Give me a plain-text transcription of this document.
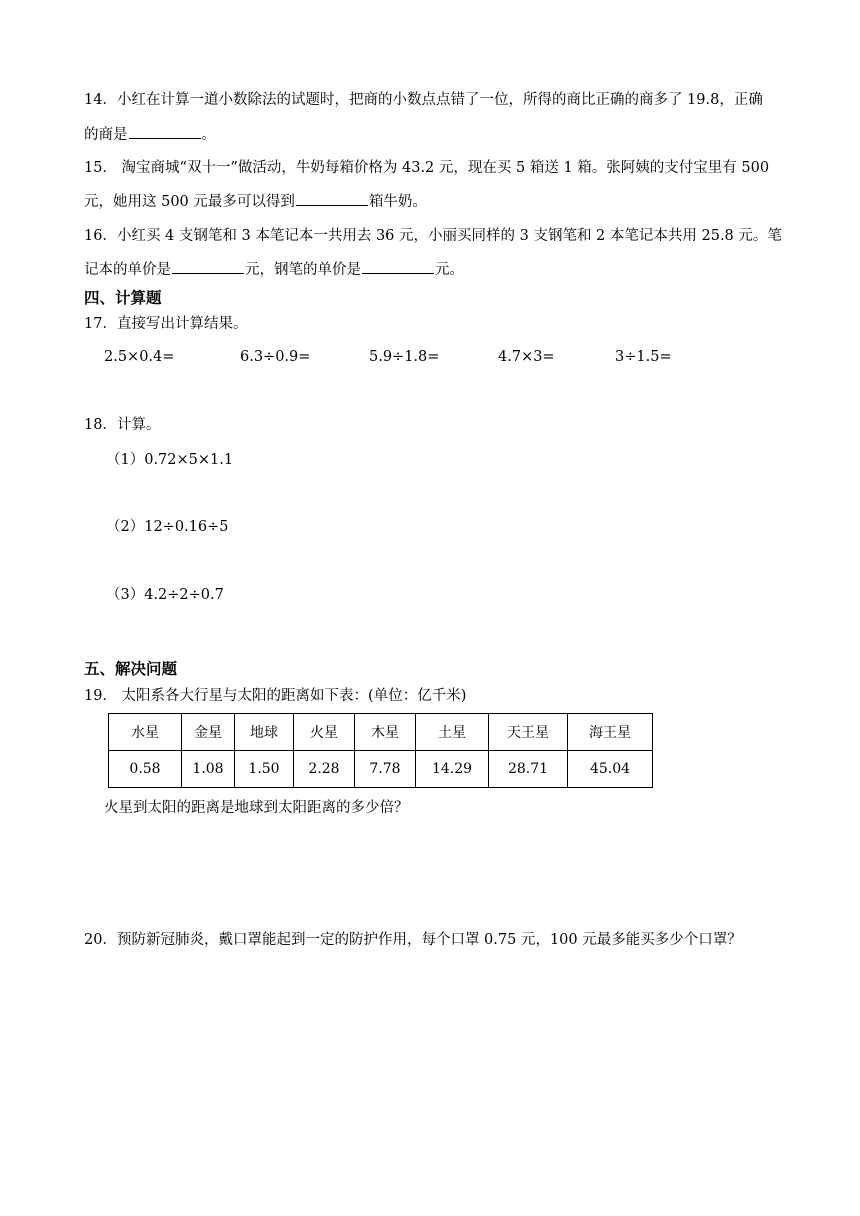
14．小红在计算一道小数除法的试题时，把商的小数点点错了一位，所得的商比正确的商多了 19.8，正确
的商是	。
15． 淘宝商城“双十一”做活动，牛奶每箱价格为 43.2 元，现在买 5 箱送 1 箱。张阿姨的支付宝里有 500
元，她用这 500 元最多可以得到	箱牛奶。
16．小红买 4 支钢笔和 3 本笔记本一共用去 36 元，小丽买同样的 3 支钢笔和 2 本笔记本共用 25.8 元。笔
记本的单价是	元，钢笔的单价是	元。
四、计算题
17．直接写出计算结果。
2.5×0.4=	6.3÷0.9=	5.9÷1.8=	4.7×3=	3÷1.5=
18．计算。
（1）0.72×5×1.1
（2）12÷0.16÷5
（3）4.2÷2÷0.7
五、解决问题
19． 太阳系各大行星与太阳的距离如下表：(单位：亿千米)
水星	金星	地球	火星	木星	土星	天王星	海王星
0.58	1.08	1.50	2.28	7.78	14.29	28.71	45.04
火星到太阳的距离是地球到太阳距离的多少倍？
20．预防新冠肺炎，戴口罩能起到一定的防护作用，每个口罩 0.75 元，100 元最多能买多少个口罩？
